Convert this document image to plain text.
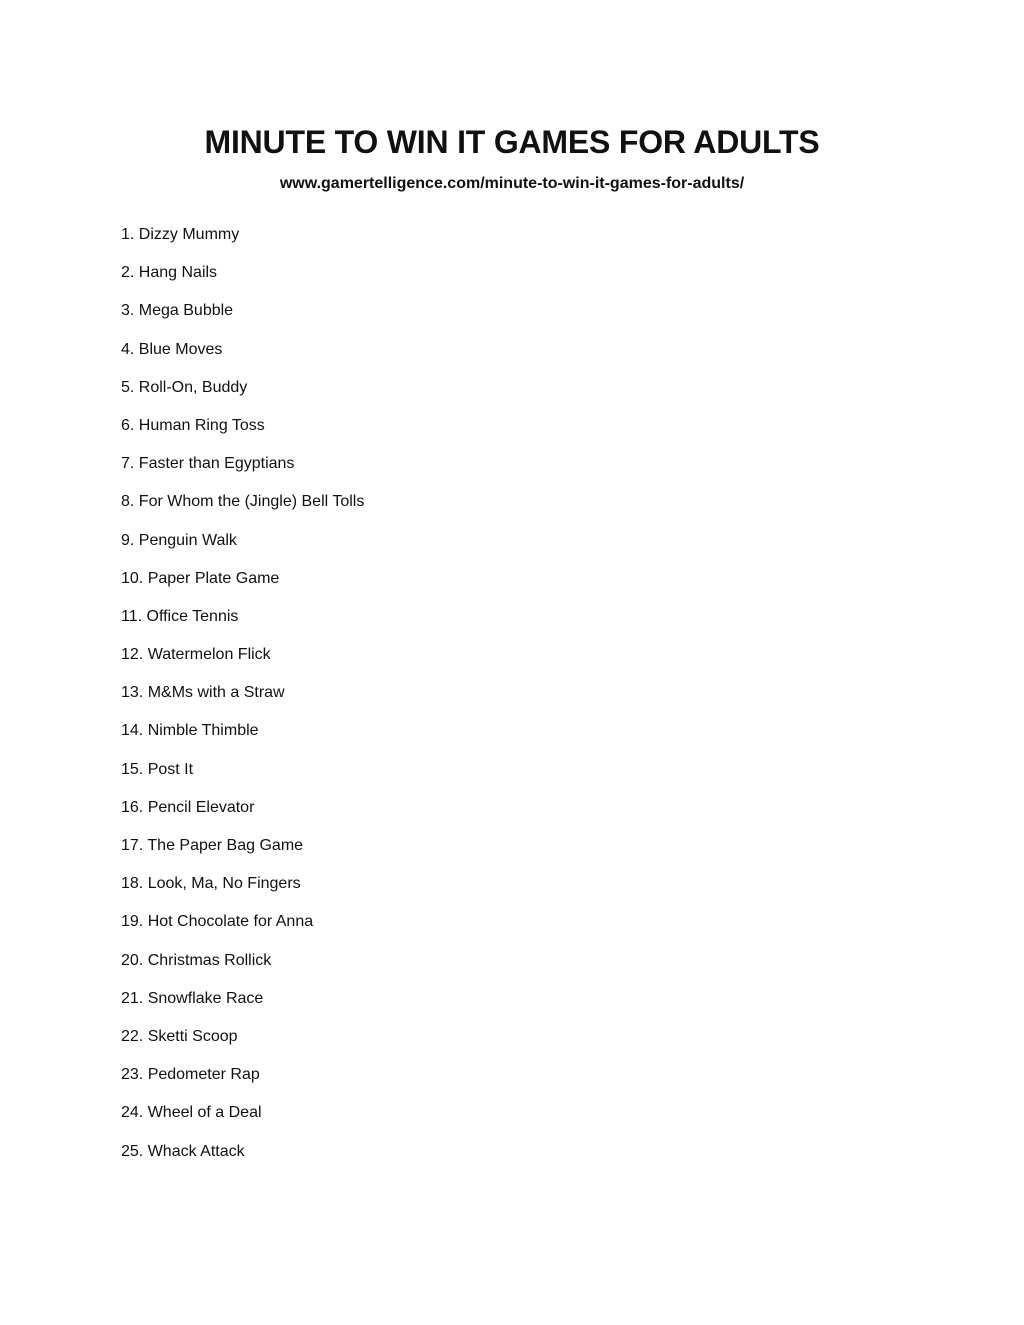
MINUTE TO WIN IT GAMES FOR ADULTS
www.gamertelligence.com/minute-to-win-it-games-for-adults/
1. Dizzy Mummy
2. Hang Nails
3. Mega Bubble
4. Blue Moves
5. Roll-On, Buddy
6. Human Ring Toss
7. Faster than Egyptians
8. For Whom the (Jingle) Bell Tolls
9. Penguin Walk
10. Paper Plate Game
11. Office Tennis
12. Watermelon Flick
13. M&Ms with a Straw
14. Nimble Thimble
15. Post It
16. Pencil Elevator
17. The Paper Bag Game
18. Look, Ma, No Fingers
19. Hot Chocolate for Anna
20. Christmas Rollick
21. Snowflake Race
22. Sketti Scoop
23. Pedometer Rap
24. Wheel of a Deal
25. Whack Attack
